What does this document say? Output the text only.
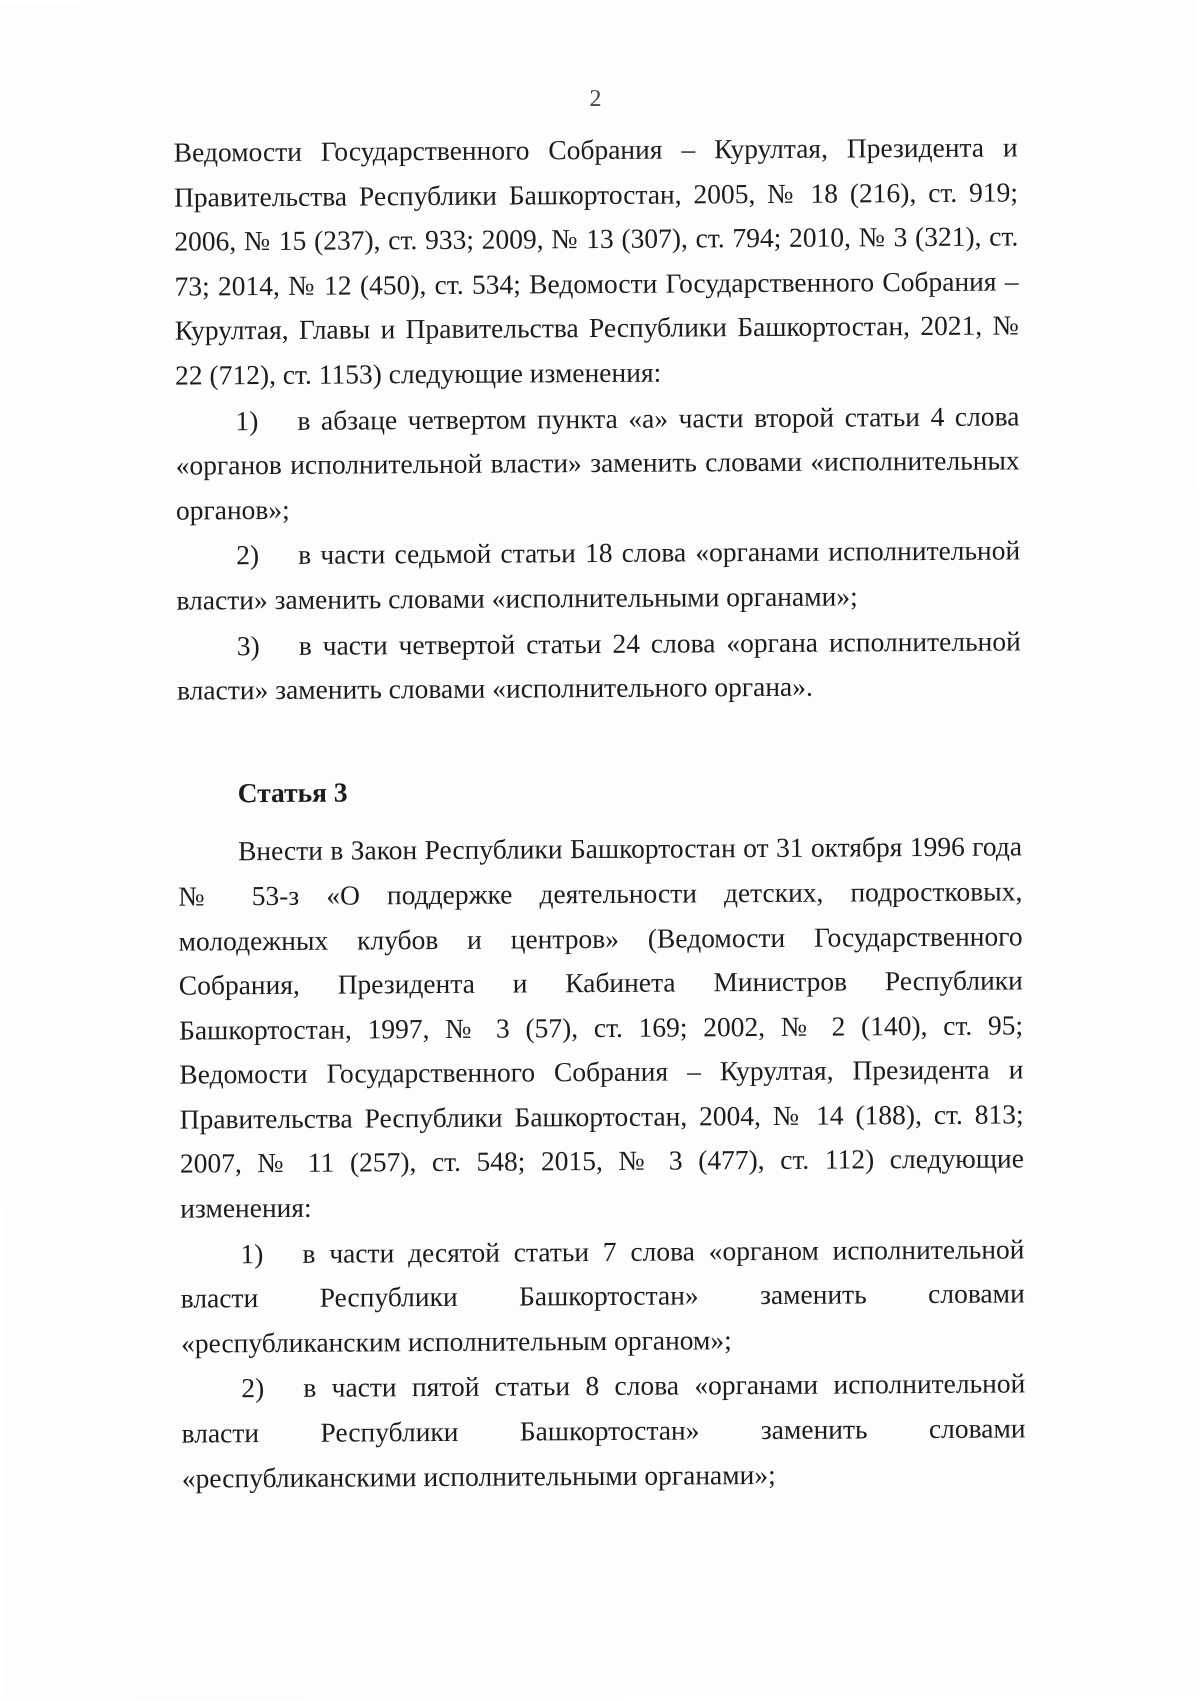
2

Ведомости Государственного Собрания – Курултая, Президента и Правительства Республики Башкортостан, 2005, № 18 (216), ст. 919; 2006, № 15 (237), ст. 933; 2009, № 13 (307), ст. 794; 2010, № 3 (321), ст. 73; 2014, № 12 (450), ст. 534; Ведомости Государственного Собрания – Курултая, Главы и Правительства Республики Башкортостан, 2021, № 22 (712), ст. 1153) следующие изменения:

1) в абзаце четвертом пункта «а» части второй статьи 4 слова «органов исполнительной власти» заменить словами «исполнительных органов»;

2) в части седьмой статьи 18 слова «органами исполнительной власти» заменить словами «исполнительными органами»;

3) в части четвертой статьи 24 слова «органа исполнительной власти» заменить словами «исполнительного органа».

Статья 3

Внести в Закон Республики Башкортостан от 31 октября 1996 года № 53-з «О поддержке деятельности детских, подростковых, молодежных клубов и центров» (Ведомости Государственного Собрания, Президента и Кабинета Министров Республики Башкортостан, 1997, № 3 (57), ст. 169; 2002, № 2 (140), ст. 95; Ведомости Государственного Собрания – Курултая, Президента и Правительства Республики Башкортостан, 2004, № 14 (188), ст. 813; 2007, № 11 (257), ст. 548; 2015, № 3 (477), ст. 112) следующие изменения:

1) в части десятой статьи 7 слова «органом исполнительной власти Республики Башкортостан» заменить словами «республиканским исполнительным органом»;

2) в части пятой статьи 8 слова «органами исполнительной власти Республики Башкортостан» заменить словами «республиканскими исполнительными органами»;
